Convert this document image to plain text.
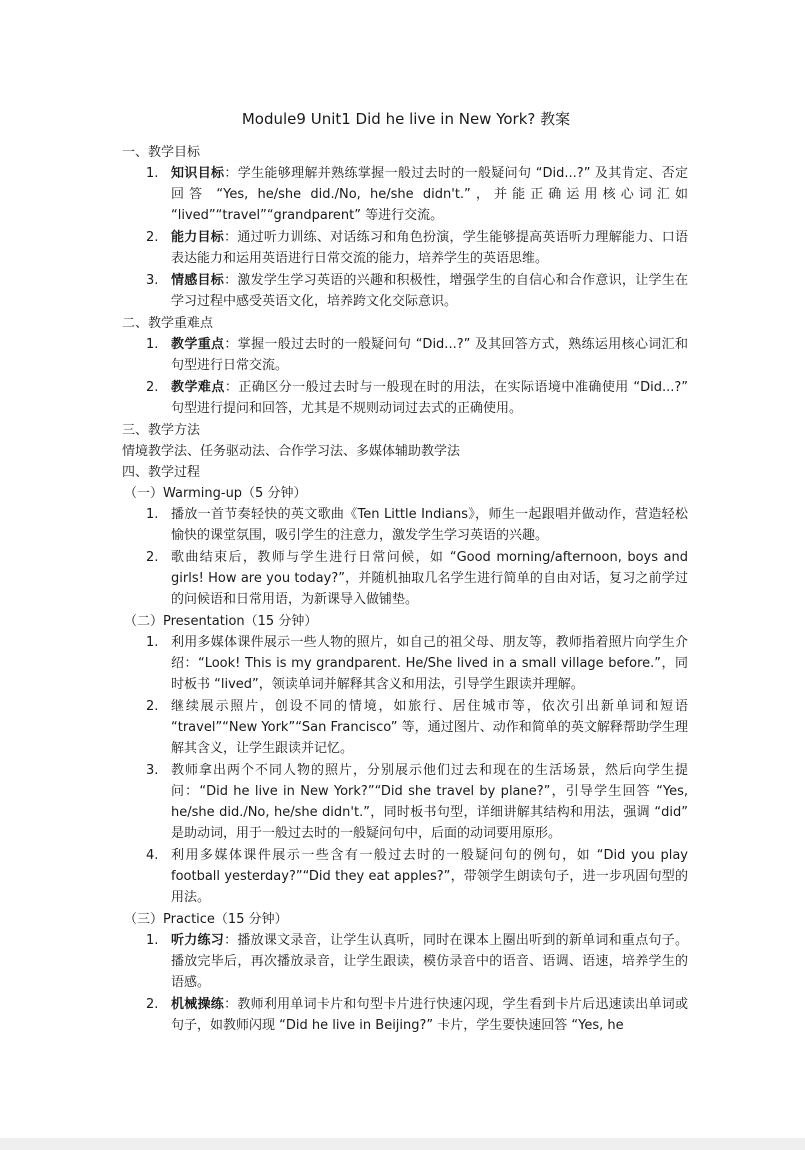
Module9 Unit1 Did he live in New York? 教案
一、教学目标
1. 知识目标：学生能够理解并熟练掌握一般过去时的一般疑问句 “Did...?” 及其肯定、否定回答 “Yes, he/she did./No, he/she didn't.”，并能正确运用核心词汇如 “lived”“travel”“grandparent” 等进行交流。
2. 能力目标：通过听力训练、对话练习和角色扮演，学生能够提高英语听力理解能力、口语表达能力和运用英语进行日常交流的能力，培养学生的英语思维。
3. 情感目标：激发学生学习英语的兴趣和积极性，增强学生的自信心和合作意识，让学生在学习过程中感受英语文化，培养跨文化交际意识。
二、教学重难点
1. 教学重点：掌握一般过去时的一般疑问句 “Did...?” 及其回答方式，熟练运用核心词汇和句型进行日常交流。
2. 教学难点：正确区分一般过去时与一般现在时的用法，在实际语境中准确使用 “Did...?” 句型进行提问和回答，尤其是不规则动词过去式的正确使用。
三、教学方法
情境教学法、任务驱动法、合作学习法、多媒体辅助教学法
四、教学过程
（一）Warming-up（5 分钟）
1. 播放一首节奏轻快的英文歌曲《Ten Little Indians》，师生一起跟唱并做动作，营造轻松愉快的课堂氛围，吸引学生的注意力，激发学生学习英语的兴趣。
2. 歌曲结束后，教师与学生进行日常问候，如 “Good morning/afternoon, boys and girls! How are you today?”，并随机抽取几名学生进行简单的自由对话，复习之前学过的问候语和日常用语，为新课导入做铺垫。
（二）Presentation（15 分钟）
1. 利用多媒体课件展示一些人物的照片，如自己的祖父母、朋友等，教师指着照片向学生介绍：“Look! This is my grandparent. He/She lived in a small village before.”，同时板书 “lived”，领读单词并解释其含义和用法，引导学生跟读并理解。
2. 继续展示照片，创设不同的情境，如旅行、居住城市等，依次引出新单词和短语 “travel”“New York”“San Francisco” 等，通过图片、动作和简单的英文解释帮助学生理解其含义，让学生跟读并记忆。
3. 教师拿出两个不同人物的照片，分别展示他们过去和现在的生活场景，然后向学生提问：“Did he live in New York?”“Did she travel by plane?”，引导学生回答 “Yes, he/she did./No, he/she didn't.”，同时板书句型，详细讲解其结构和用法，强调 “did” 是助动词，用于一般过去时的一般疑问句中，后面的动词要用原形。
4. 利用多媒体课件展示一些含有一般过去时的一般疑问句的例句，如 “Did you play football yesterday?”“Did they eat apples?”，带领学生朗读句子，进一步巩固句型的用法。
（三）Practice（15 分钟）
1. 听力练习：播放课文录音，让学生认真听，同时在课本上圈出听到的新单词和重点句子。播放完毕后，再次播放录音，让学生跟读，模仿录音中的语音、语调、语速，培养学生的语感。
2. 机械操练：教师利用单词卡片和句型卡片进行快速闪现，学生看到卡片后迅速读出单词或句子，如教师闪现 “Did he live in Beijing?” 卡片，学生要快速回答 “Yes, he
